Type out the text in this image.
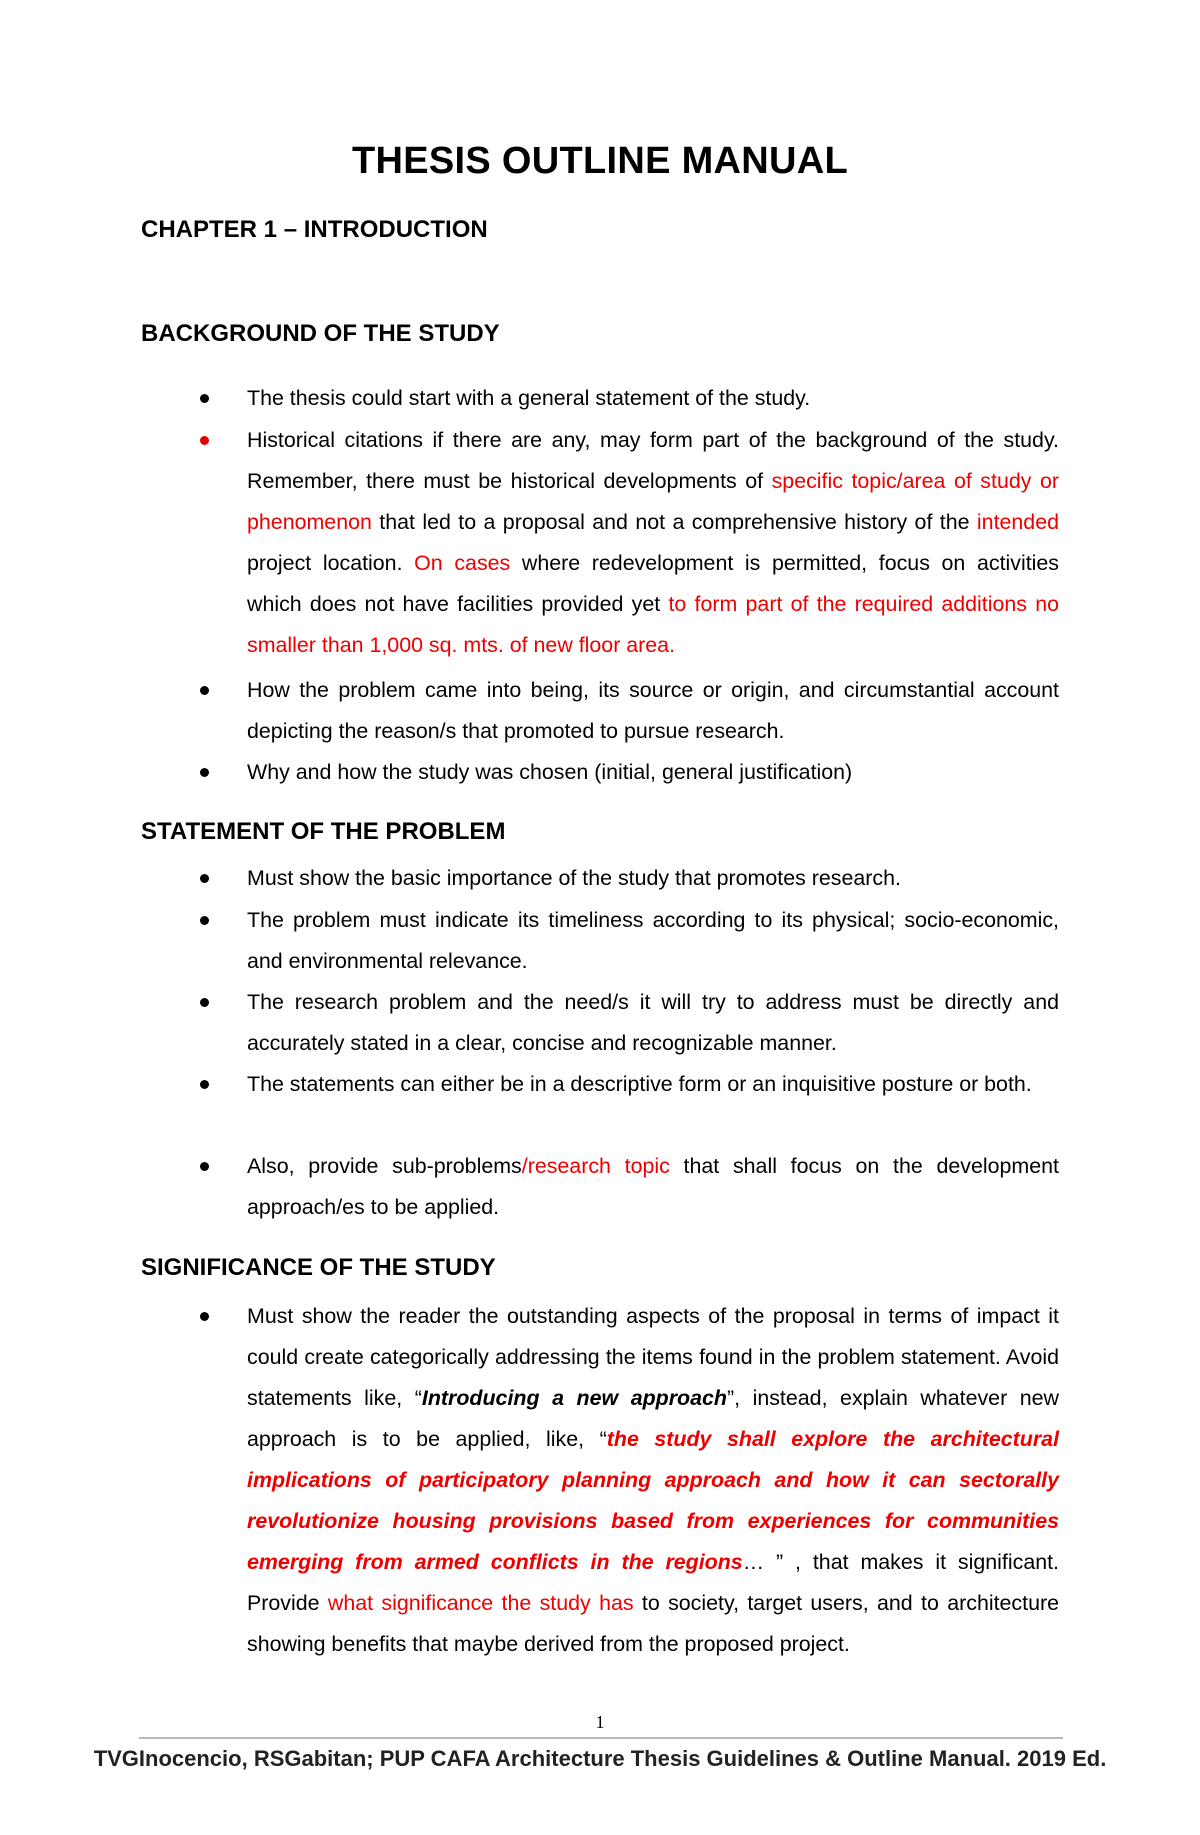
THESIS OUTLINE MANUAL
CHAPTER 1 – INTRODUCTION
BACKGROUND OF THE STUDY
The thesis could start with a general statement of the study.
Historical citations if there are any, may form part of the background of the study. Remember, there must be historical developments of specific topic/area of study or phenomenon that led to a proposal and not a comprehensive history of the intended project location. On cases where redevelopment is permitted, focus on activities which does not have facilities provided yet to form part of the required additions no smaller than 1,000 sq. mts. of new floor area.
How the problem came into being, its source or origin, and circumstantial account depicting the reason/s that promoted to pursue research.
Why and how the study was chosen (initial, general justification)
STATEMENT OF THE PROBLEM
Must show the basic importance of the study that promotes research.
The problem must indicate its timeliness according to its physical; socio-economic, and environmental relevance.
The research problem and the need/s it will try to address must be directly and accurately stated in a clear, concise and recognizable manner.
The statements can either be in a descriptive form or an inquisitive posture or both.
Also, provide sub-problems/research topic that shall focus on the development approach/es to be applied.
SIGNIFICANCE OF THE STUDY
Must show the reader the outstanding aspects of the proposal in terms of impact it could create categorically addressing the items found in the problem statement. Avoid statements like, “Introducing a new approach”, instead, explain whatever new approach is to be applied, like, “the study shall explore the architectural implications of participatory planning approach and how it can sectorally revolutionize housing provisions based from experiences for communities emerging from armed conflicts in the regions… ” , that makes it significant. Provide what significance the study has to society, target users, and to architecture showing benefits that maybe derived from the proposed project.
1
TVGInocencio, RSGabitan; PUP CAFA Architecture Thesis Guidelines & Outline Manual. 2019 Ed.
